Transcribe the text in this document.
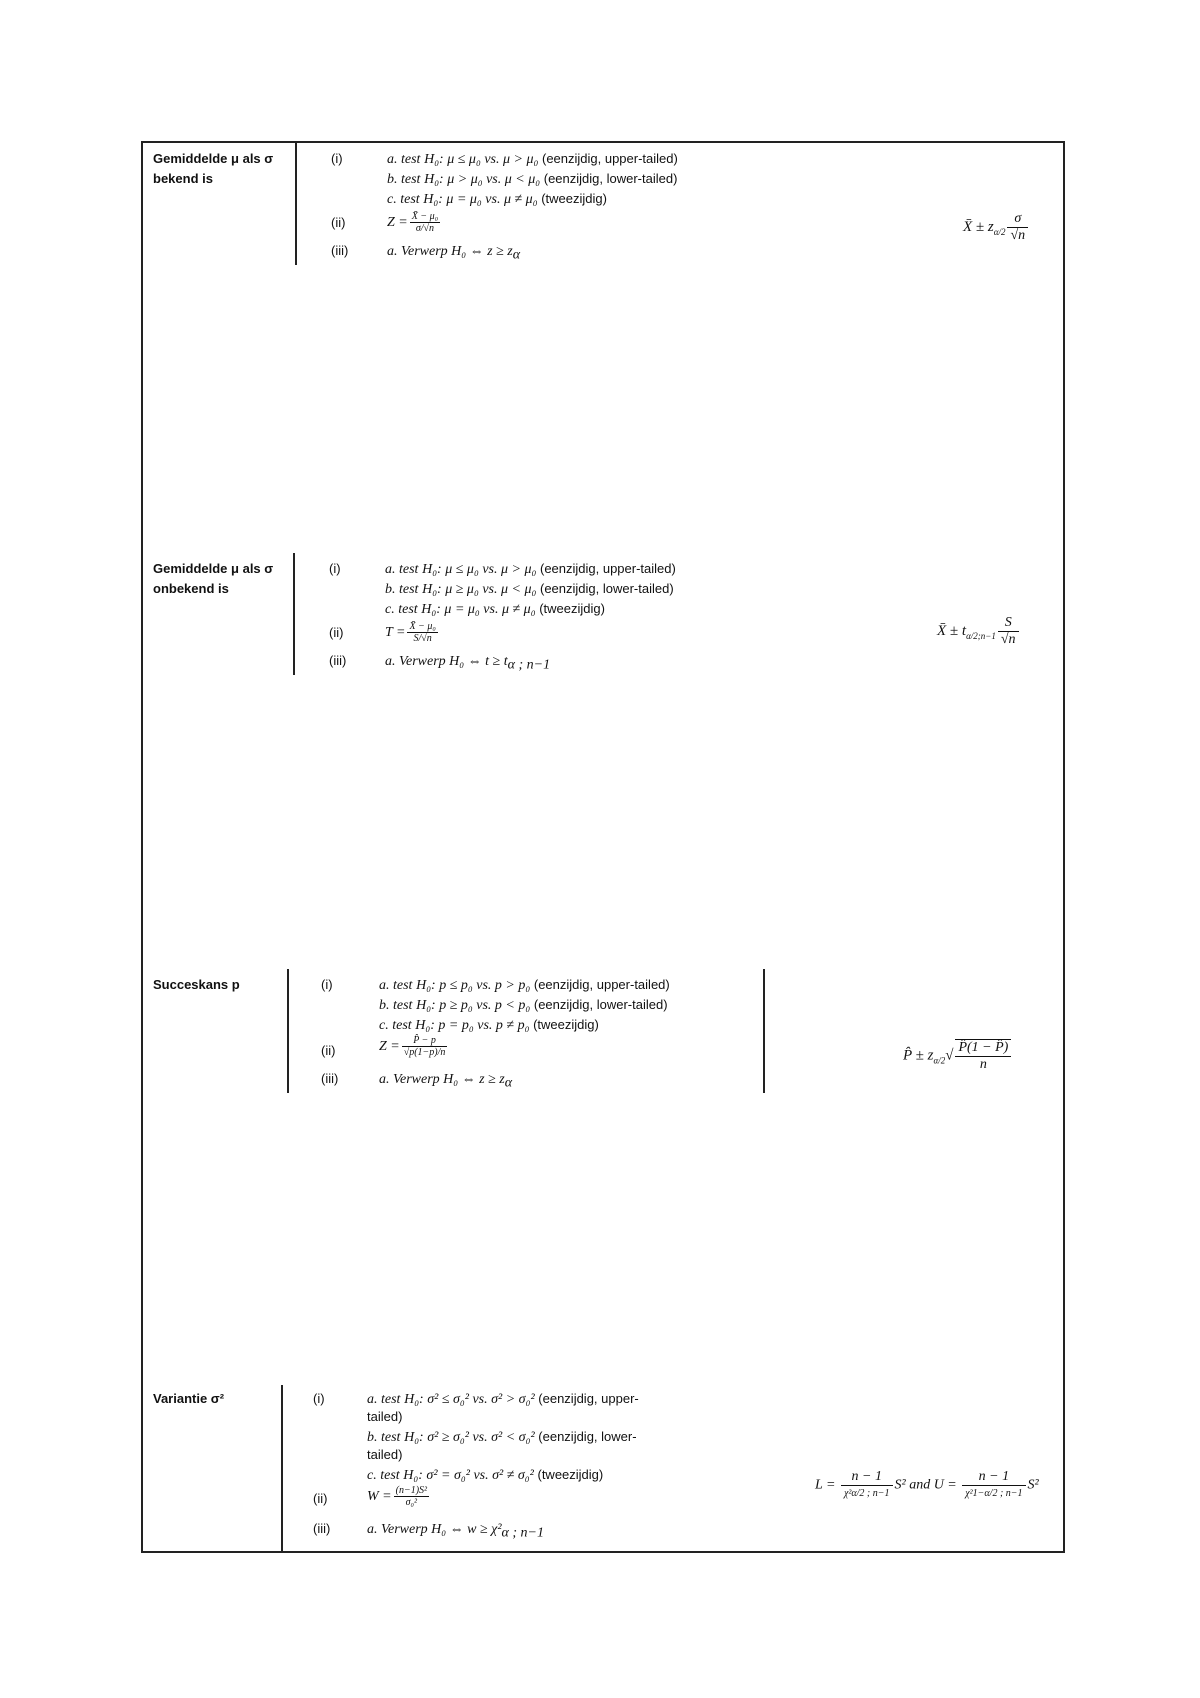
Gemiddelde μ als σ bekend is
(i)	a. test H₀: μ ≤ μ₀ vs. μ > μ₀ (eenzijdig, upper-tailed)
b. test H₀: μ > μ₀ vs. μ < μ₀ (eenzijdig, lower-tailed)
c. test H₀: μ = μ₀ vs. μ ≠ μ₀ (tweezijdig)
(ii)	$Z = \frac{\text{X̄ − μ₀}}{\sigma/√n}$
(iii)	a. Verwerp H₀ ⇔ $z \ge z_\alpha$
X̄ ± $z_{\alpha/2} \frac{\sigma}{√n}$
Gemiddelde μ als σ onbekend is
(i)	a. test H₀: μ ≤ μ₀ vs. μ > μ₀ (eenzijdig, upper-tailed)
b. test H₀: μ ≥ μ₀ vs. μ < μ₀ (eenzijdig, lower-tailed)
c. test H₀: μ = μ₀ vs. μ ≠ μ₀ (tweezijdig)
(ii)	$T = \frac{\text{X̄ − μ₀}}{S/√n}$
(iii)	a. Verwerp H₀ ⇔ $t \ge t_{\alpha ; n-1}$
X̄ ± $t_{\alpha/2;n-1} \frac{S}{√n}$
Succeskans p	(i)	a. test H₀: p ≤ p₀ vs. p > p₀ (eenzijdig, upper-tailed)
b. test H₀: p ≥ p₀ vs. p < p₀ (eenzijdig, lower-tailed)
c. test H₀: p = p₀ vs. p ≠ p₀ (tweezijdig)
(ii)	$Z = \frac{P̂ - p}{√p(1-p)/n}$
(iii)	a. Verwerp H₀ ⇔ $z \ge z_\alpha$
P̂ ± $z_{\alpha/2}√ \frac{P̂(1 - P̂)}{n}$
Variantie σ²	(i)	a. test H₀: σ² ≤ σ₀² vs. σ² > σ₀² (eenzijdig, upper-
tailed)
b. test H₀: σ² ≥ σ₀² vs. σ² < σ₀² (eenzijdig, lower-
tailed)
c. test H₀: σ² = σ₀² vs. σ² ≠ σ₀² (tweezijdig)
(ii)	$W = \frac{\text{(n−1)S²}}{\text{σ₀²}}$
(iii)	a. Verwerp H₀ ⇔ $w \ge \chi^2_{\alpha ; n-1}$
L =
n − 1
χ²α/2 ; n−1
S² and U =
n − 1
χ²1−α/2 ; n−1
S²
